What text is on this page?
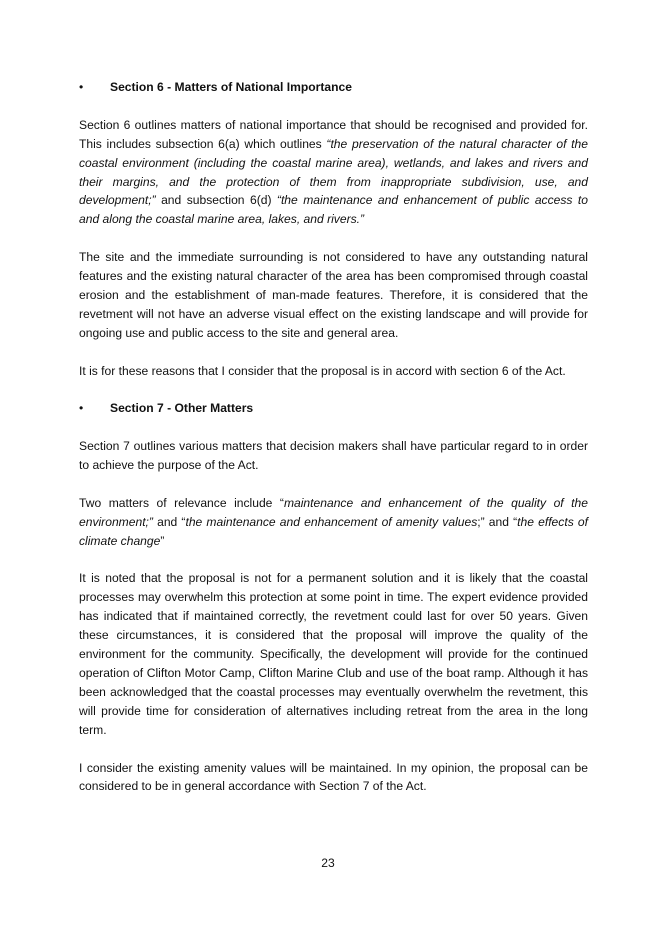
•	Section 6 - Matters of National Importance

Section 6 outlines matters of national importance that should be recognised and provided for. This includes subsection 6(a) which outlines “the preservation of the natural character of the coastal environment (including the coastal marine area), wetlands, and lakes and rivers and their margins, and the protection of them from inappropriate subdivision, use, and development;” and subsection 6(d) “the maintenance and enhancement of public access to and along the coastal marine area, lakes, and rivers.”

The site and the immediate surrounding is not considered to have any outstanding natural features and the existing natural character of the area has been compromised through coastal erosion and the establishment of man-made features. Therefore, it is considered that the revetment will not have an adverse visual effect on the existing landscape and will provide for ongoing use and public access to the site and general area.

It is for these reasons that I consider that the proposal is in accord with section 6 of the Act.

•	Section 7 - Other Matters

Section 7 outlines various matters that decision makers shall have particular regard to in order to achieve the purpose of the Act.

Two matters of relevance include “maintenance and enhancement of the quality of the environment;” and “the maintenance and enhancement of amenity values;” and “the effects of climate change”

It is noted that the proposal is not for a permanent solution and it is likely that the coastal processes may overwhelm this protection at some point in time. The expert evidence provided has indicated that if maintained correctly, the revetment could last for over 50 years. Given these circumstances, it is considered that the proposal will improve the quality of the environment for the community. Specifically, the development will provide for the continued operation of Clifton Motor Camp, Clifton Marine Club and use of the boat ramp. Although it has been acknowledged that the coastal processes may eventually overwhelm the revetment, this will provide time for consideration of alternatives including retreat from the area in the long term.

I consider the existing amenity values will be maintained. In my opinion, the proposal can be considered to be in general accordance with Section 7 of the Act.

23
